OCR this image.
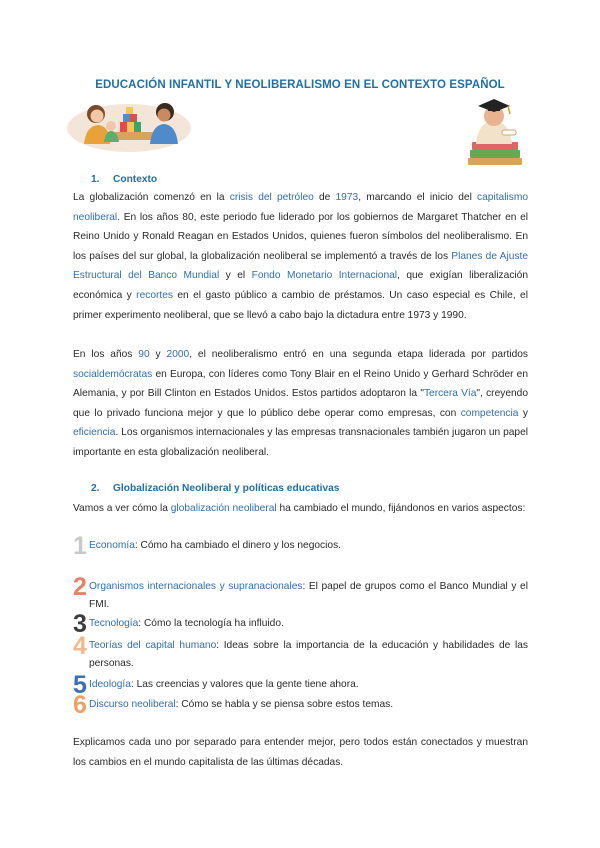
EDUCACIÓN INFANTIL Y NEOLIBERALISMO EN EL CONTEXTO ESPAÑOL
1. Contexto
La globalización comenzó en la crisis del petróleo de 1973, marcando el inicio del capitalismo neoliberal. En los años 80, este periodo fue liderado por los gobiernos de Margaret Thatcher en el Reino Unido y Ronald Reagan en Estados Unidos, quienes fueron símbolos del neoliberalismo. En los países del sur global, la globalización neoliberal se implementó a través de los Planes de Ajuste Estructural del Banco Mundial y el Fondo Monetario Internacional, que exigían liberalización económica y recortes en el gasto público a cambio de préstamos. Un caso especial es Chile, el primer experimento neoliberal, que se llevó a cabo bajo la dictadura entre 1973 y 1990.
En los años 90 y 2000, el neoliberalismo entró en una segunda etapa liderada por partidos socialdemócratas en Europa, con líderes como Tony Blair en el Reino Unido y Gerhard Schröder en Alemania, y por Bill Clinton en Estados Unidos. Estos partidos adoptaron la "Tercera Vía", creyendo que lo privado funciona mejor y que lo público debe operar como empresas, con competencia y eficiencia. Los organismos internacionales y las empresas transnacionales también jugaron un papel importante en esta globalización neoliberal.
2. Globalización Neoliberal y políticas educativas
Vamos a ver cómo la globalización neoliberal ha cambiado el mundo, fijándonos en varios aspectos:
1 Economía: Cómo ha cambiado el dinero y los negocios.
2 Organismos internacionales y supranacionales: El papel de grupos como el Banco Mundial y el FMI.
3 Tecnología: Cómo la tecnología ha influido.
4 Teorías del capital humano: Ideas sobre la importancia de la educación y habilidades de las personas.
5 Ideología: Las creencias y valores que la gente tiene ahora.
6 Discurso neoliberal: Cómo se habla y se piensa sobre estos temas.
Explicamos cada uno por separado para entender mejor, pero todos están conectados y muestran los cambios en el mundo capitalista de las últimas décadas.
